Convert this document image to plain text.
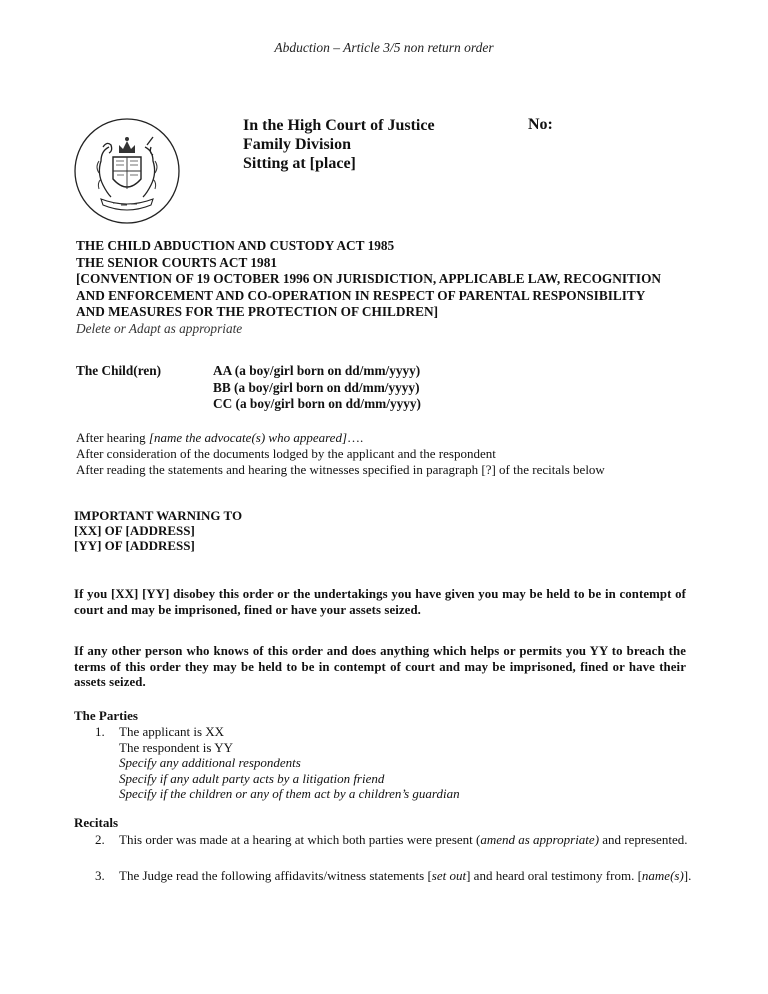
Abduction – Article 3/5 non return order
In the High Court of Justice
Family Division
Sitting at [place]
No:
THE CHILD ABDUCTION AND CUSTODY ACT 1985
THE SENIOR COURTS ACT 1981
[CONVENTION OF 19 OCTOBER 1996 ON JURISDICTION, APPLICABLE LAW, RECOGNITION AND ENFORCEMENT AND CO-OPERATION IN RESPECT OF PARENTAL RESPONSIBILITY AND MEASURES FOR THE PROTECTION OF CHILDREN]
Delete or Adapt as appropriate
The Child(ren)	AA (a boy/girl born on dd/mm/yyyy)
BB (a boy/girl born on dd/mm/yyyy)
CC (a boy/girl born on dd/mm/yyyy)
After hearing [name the advocate(s) who appeared]….
After consideration of the documents lodged by the applicant and the respondent
After reading the statements and hearing the witnesses specified in paragraph [?] of the recitals below
IMPORTANT WARNING TO
[XX] OF [ADDRESS]
[YY] OF [ADDRESS]
If you [XX] [YY] disobey this order or the undertakings you have given you may be held to be in contempt of court and may be imprisoned, fined or have your assets seized.
If any other person who knows of this order and does anything which helps or permits you YY to breach the terms of this order they may be held to be in contempt of court and may be imprisoned, fined or have their assets seized.
The Parties
1. The applicant is XX
The respondent is YY
Specify any additional respondents
Specify if any adult party acts by a litigation friend
Specify if the children or any of them act by a children’s guardian
Recitals
2.	This order was made at a hearing at which both parties were present (amend as appropriate) and represented.
3.	The Judge read the following affidavits/witness statements [set out] and heard oral testimony from. [name(s)].
